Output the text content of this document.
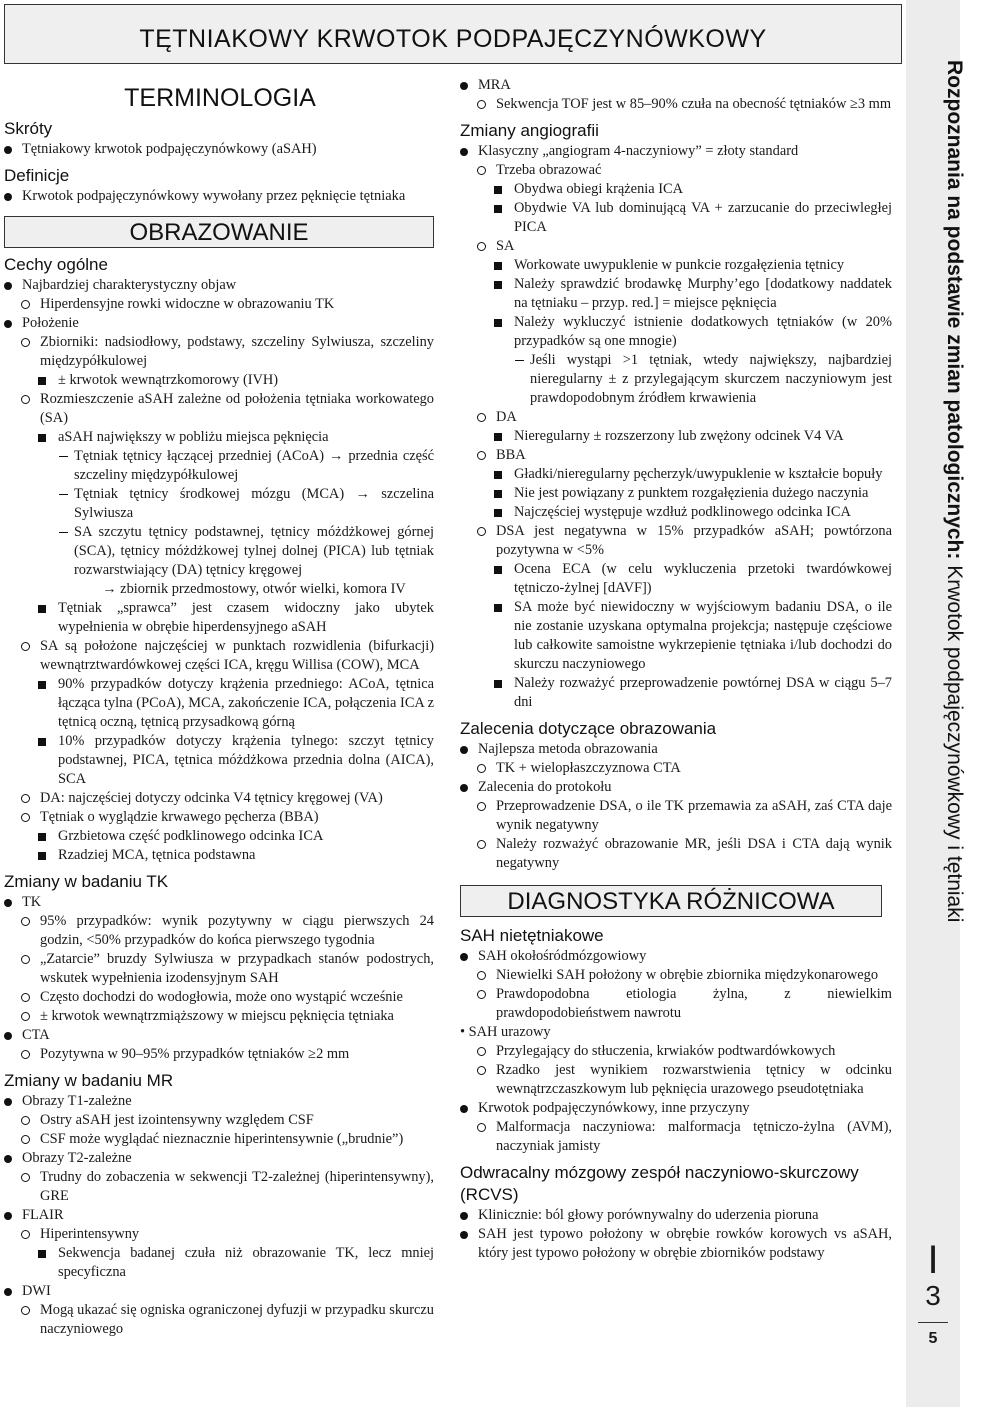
TĘTNIAKOWY KRWOTOK PODPAJĘCZYNÓWKOWY
Rozpoznania na podstawie zmian patologicznych: Krwotok podpajęczynówkowy i tętniaki
I
3
5
TERMINOLOGIA
Skróty
Tętniakowy krwotok podpajęczynówkowy (aSAH)
Definicje
Krwotok podpajęczynówkowy wywołany przez pęknięcie tętniaka
OBRAZOWANIE
Cechy ogólne
Najbardziej charakterystyczny objaw
Hiperdensyjne rowki widoczne w obrazowaniu TK
Położenie
Zbiorniki: nadsiodłowy, podstawy, szczeliny Sylwiusza, szczeliny międzypółkulowej
± krwotok wewnątrzkomorowy (IVH)
Rozmieszczenie aSAH zależne od położenia tętniaka workowatego (SA)
aSAH największy w pobliżu miejsca pęknięcia
Tętniak tętnicy łączącej przedniej (ACoA) → przednia część szczeliny międzypółkulowej
Tętniak tętnicy środkowej mózgu (MCA) → szczelina Sylwiusza
SA szczytu tętnicy podstawnej, tętnicy móżdżkowej górnej (SCA), tętnicy móżdżkowej tylnej dolnej (PICA) lub tętniak rozwarstwiający (DA) tętnicy kręgowej
→ zbiornik przedmostowy, otwór wielki, komora IV
Tętniak „sprawca” jest czasem widoczny jako ubytek wypełnienia w obrębie hiperdensyjnego aSAH
SA są położone najczęściej w punktach rozwidlenia (bifurkacji) wewnątrztwardówkowej części ICA, kręgu Willisa (COW), MCA
90% przypadków dotyczy krążenia przedniego: ACoA, tętnica łącząca tylna (PCoA), MCA, zakończenie ICA, połączenia ICA z tętnicą oczną, tętnicą przysadkową górną
10% przypadków dotyczy krążenia tylnego: szczyt tętnicy podstawnej, PICA, tętnica móżdżkowa przednia dolna (AICA), SCA
DA: najczęściej dotyczy odcinka V4 tętnicy kręgowej (VA)
Tętniak o wyglądzie krwawego pęcherza (BBA)
Grzbietowa część podklinowego odcinka ICA
Rzadziej MCA, tętnica podstawna
Zmiany w badaniu TK
TK
95% przypadków: wynik pozytywny w ciągu pierwszych 24 godzin, <50% przypadków do końca pierwszego tygodnia
„Zatarcie” bruzdy Sylwiusza w przypadkach stanów podostrych, wskutek wypełnienia izodensyjnym SAH
Często dochodzi do wodogłowia, może ono wystąpić wcześnie
± krwotok wewnątrzmiąższowy w miejscu pęknięcia tętniaka
CTA
Pozytywna w 90–95% przypadków tętniaków ≥2 mm
Zmiany w badaniu MR
Obrazy T1-zależne
Ostry aSAH jest izointensywny względem CSF
CSF może wyglądać nieznacznie hiperintensywnie („brudnie”)
Obrazy T2-zależne
Trudny do zobaczenia w sekwencji T2-zależnej (hiperintensywny), GRE
FLAIR
Hiperintensywny
Sekwencja badanej czuła niż obrazowanie TK, lecz mniej specyficzna
DWI
Mogą ukazać się ogniska ograniczonej dyfuzji w przypadku skurczu naczyniowego
MRA
Sekwencja TOF jest w 85–90% czuła na obecność tętniaków ≥3 mm
Zmiany angiografii
Klasyczny „angiogram 4-naczyniowy” = złoty standard
Trzeba obrazować
Obydwa obiegi krążenia ICA
Obydwie VA lub dominującą VA + zarzucanie do przeciwległej PICA
SA
Workowate uwypuklenie w punkcie rozgałęzienia tętnicy
Należy sprawdzić brodawkę Murphy’ego [dodatkowy naddatek na tętniaku – przyp. red.] = miejsce pęknięcia
Należy wykluczyć istnienie dodatkowych tętniaków (w 20% przypadków są one mnogie)
Jeśli wystąpi >1 tętniak, wtedy największy, najbardziej nieregularny ± z przylegającym skurczem naczyniowym jest prawdopodobnym źródłem krwawienia
DA
Nieregularny ± rozszerzony lub zwężony odcinek V4 VA
BBA
Gładki/nieregularny pęcherzyk/uwypuklenie w kształcie bopuły
Nie jest powiązany z punktem rozgałęzienia dużego naczynia
Najczęściej występuje wzdłuż podklinowego odcinka ICA
DSA jest negatywna w 15% przypadków aSAH; powtórzona pozytywna w <5%
Ocena ECA (w celu wykluczenia przetoki twardówkowej tętniczo-żylnej [dAVF])
SA może być niewidoczny w wyjściowym badaniu DSA, o ile nie zostanie uzyskana optymalna projekcja; następuje częściowe lub całkowite samoistne wykrzepienie tętniaka i/lub dochodzi do skurczu naczyniowego
Należy rozważyć przeprowadzenie powtórnej DSA w ciągu 5–7 dni
Zalecenia dotyczące obrazowania
Najlepsza metoda obrazowania
TK + wielopłaszczyznowa CTA
Zalecenia do protokołu
Przeprowadzenie DSA, o ile TK przemawia za aSAH, zaś CTA daje wynik negatywny
Należy rozważyć obrazowanie MR, jeśli DSA i CTA dają wynik negatywny
DIAGNOSTYKA RÓŻNICOWA
SAH nietętniakowe
SAH okołośródmózgowiowy
Niewielki SAH położony w obrębie zbiornika międzykonarowego
Prawdopodobna etiologia żylna, z niewielkim prawdopodobieństwem nawrotu
• SAH urazowy
Przylegający do stłuczenia, krwiaków podtwardówkowych
Rzadko jest wynikiem rozwarstwienia tętnicy w odcinku wewnątrzczaszkowym lub pęknięcia urazowego pseudotętniaka
Krwotok podpajęczynówkowy, inne przyczyny
Malformacja naczyniowa: malformacja tętniczo-żylna (AVM), naczyniak jamisty
Odwracalny mózgowy zespół naczyniowo-skurczowy (RCVS)
Klinicznie: ból głowy porównywalny do uderzenia pioruna
SAH jest typowo położony w obrębie rowków korowych vs aSAH, który jest typowo położony w obrębie zbiorników podstawy
